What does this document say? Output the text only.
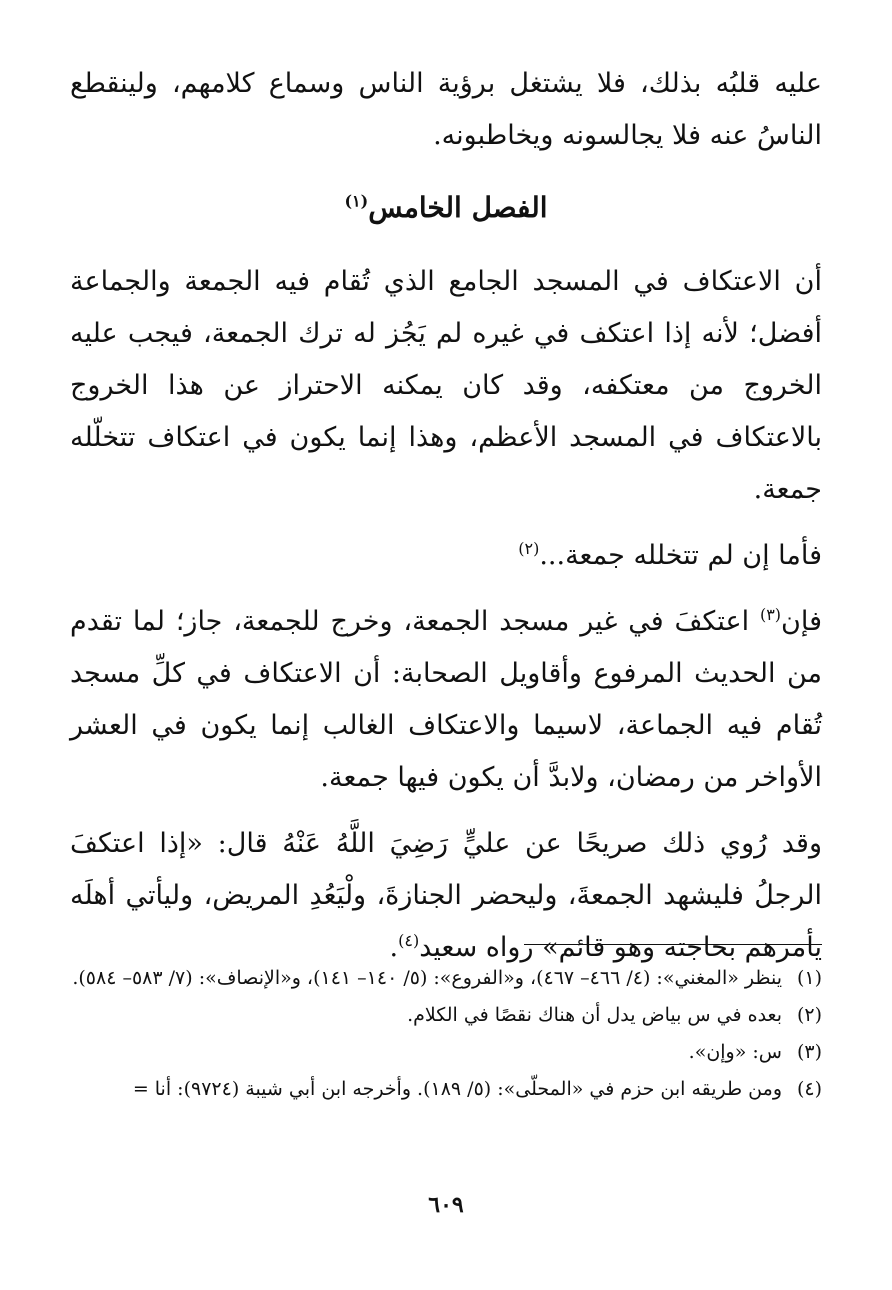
عليه قلبُه بذلك، فلا يشتغل برؤية الناس وسماع كلامهم، ولينقطع الناسُ عنه فلا يجالسونه ويخاطبونه.

الفصل الخامس$^{(١)}$

أن الاعتكاف في المسجد الجامع الذي تُقام فيه الجمعة والجماعة أفضل؛ لأنه إذا اعتكف في غيره لم يَجُز له ترك الجمعة، فيجب عليه الخروج من معتكفه، وقد كان يمكنه الاحتراز عن هذا الخروج بالاعتكاف في المسجد الأعظم، وهذا إنما يكون في اعتكاف تتخلّله جمعة.

فأما إن لم تتخلله جمعة...$^{(٢)}$

فإن$^{(٣)}$ اعتكفَ في غير مسجد الجمعة، وخرج للجمعة، جاز؛ لما تقدم من الحديث المرفوع وأقاويل الصحابة: أن الاعتكاف في كلِّ مسجد تُقام فيه الجماعة، لاسيما والاعتكاف الغالب إنما يكون في العشر الأواخر من رمضان، ولابدَّ أن يكون فيها جمعة.

وقد رُوي ذلك صريحًا عن عليٍّ رَضِيَ اللَّهُ عَنْهُ قال: «إذا اعتكفَ الرجلُ فليشهد الجمعةَ، وليحضر الجنازةَ، ولْيَعُدِ المريض، وليأتي أهلَه يأمرهم بحاجته وهو قائم» رواه سعيد$^{(٤)}$.

(١)
ينظر «المغني»: (٤/ ٤٦٦– ٤٦٧)، و«الفروع»: (٥/ ١٤٠– ١٤١)، و«الإنصاف»: (٧/ ٥٨٣– ٥٨٤).
(٢)
بعده في س بياض يدل أن هناك نقصًا في الكلام.
(٣)
س: «وإن».
(٤)
ومن طريقه ابن حزم في «المحلّى»: (٥/ ١٨٩). وأخرجه ابن أبي شيبة (٩٧٢٤): أنا =
٦٠٩
